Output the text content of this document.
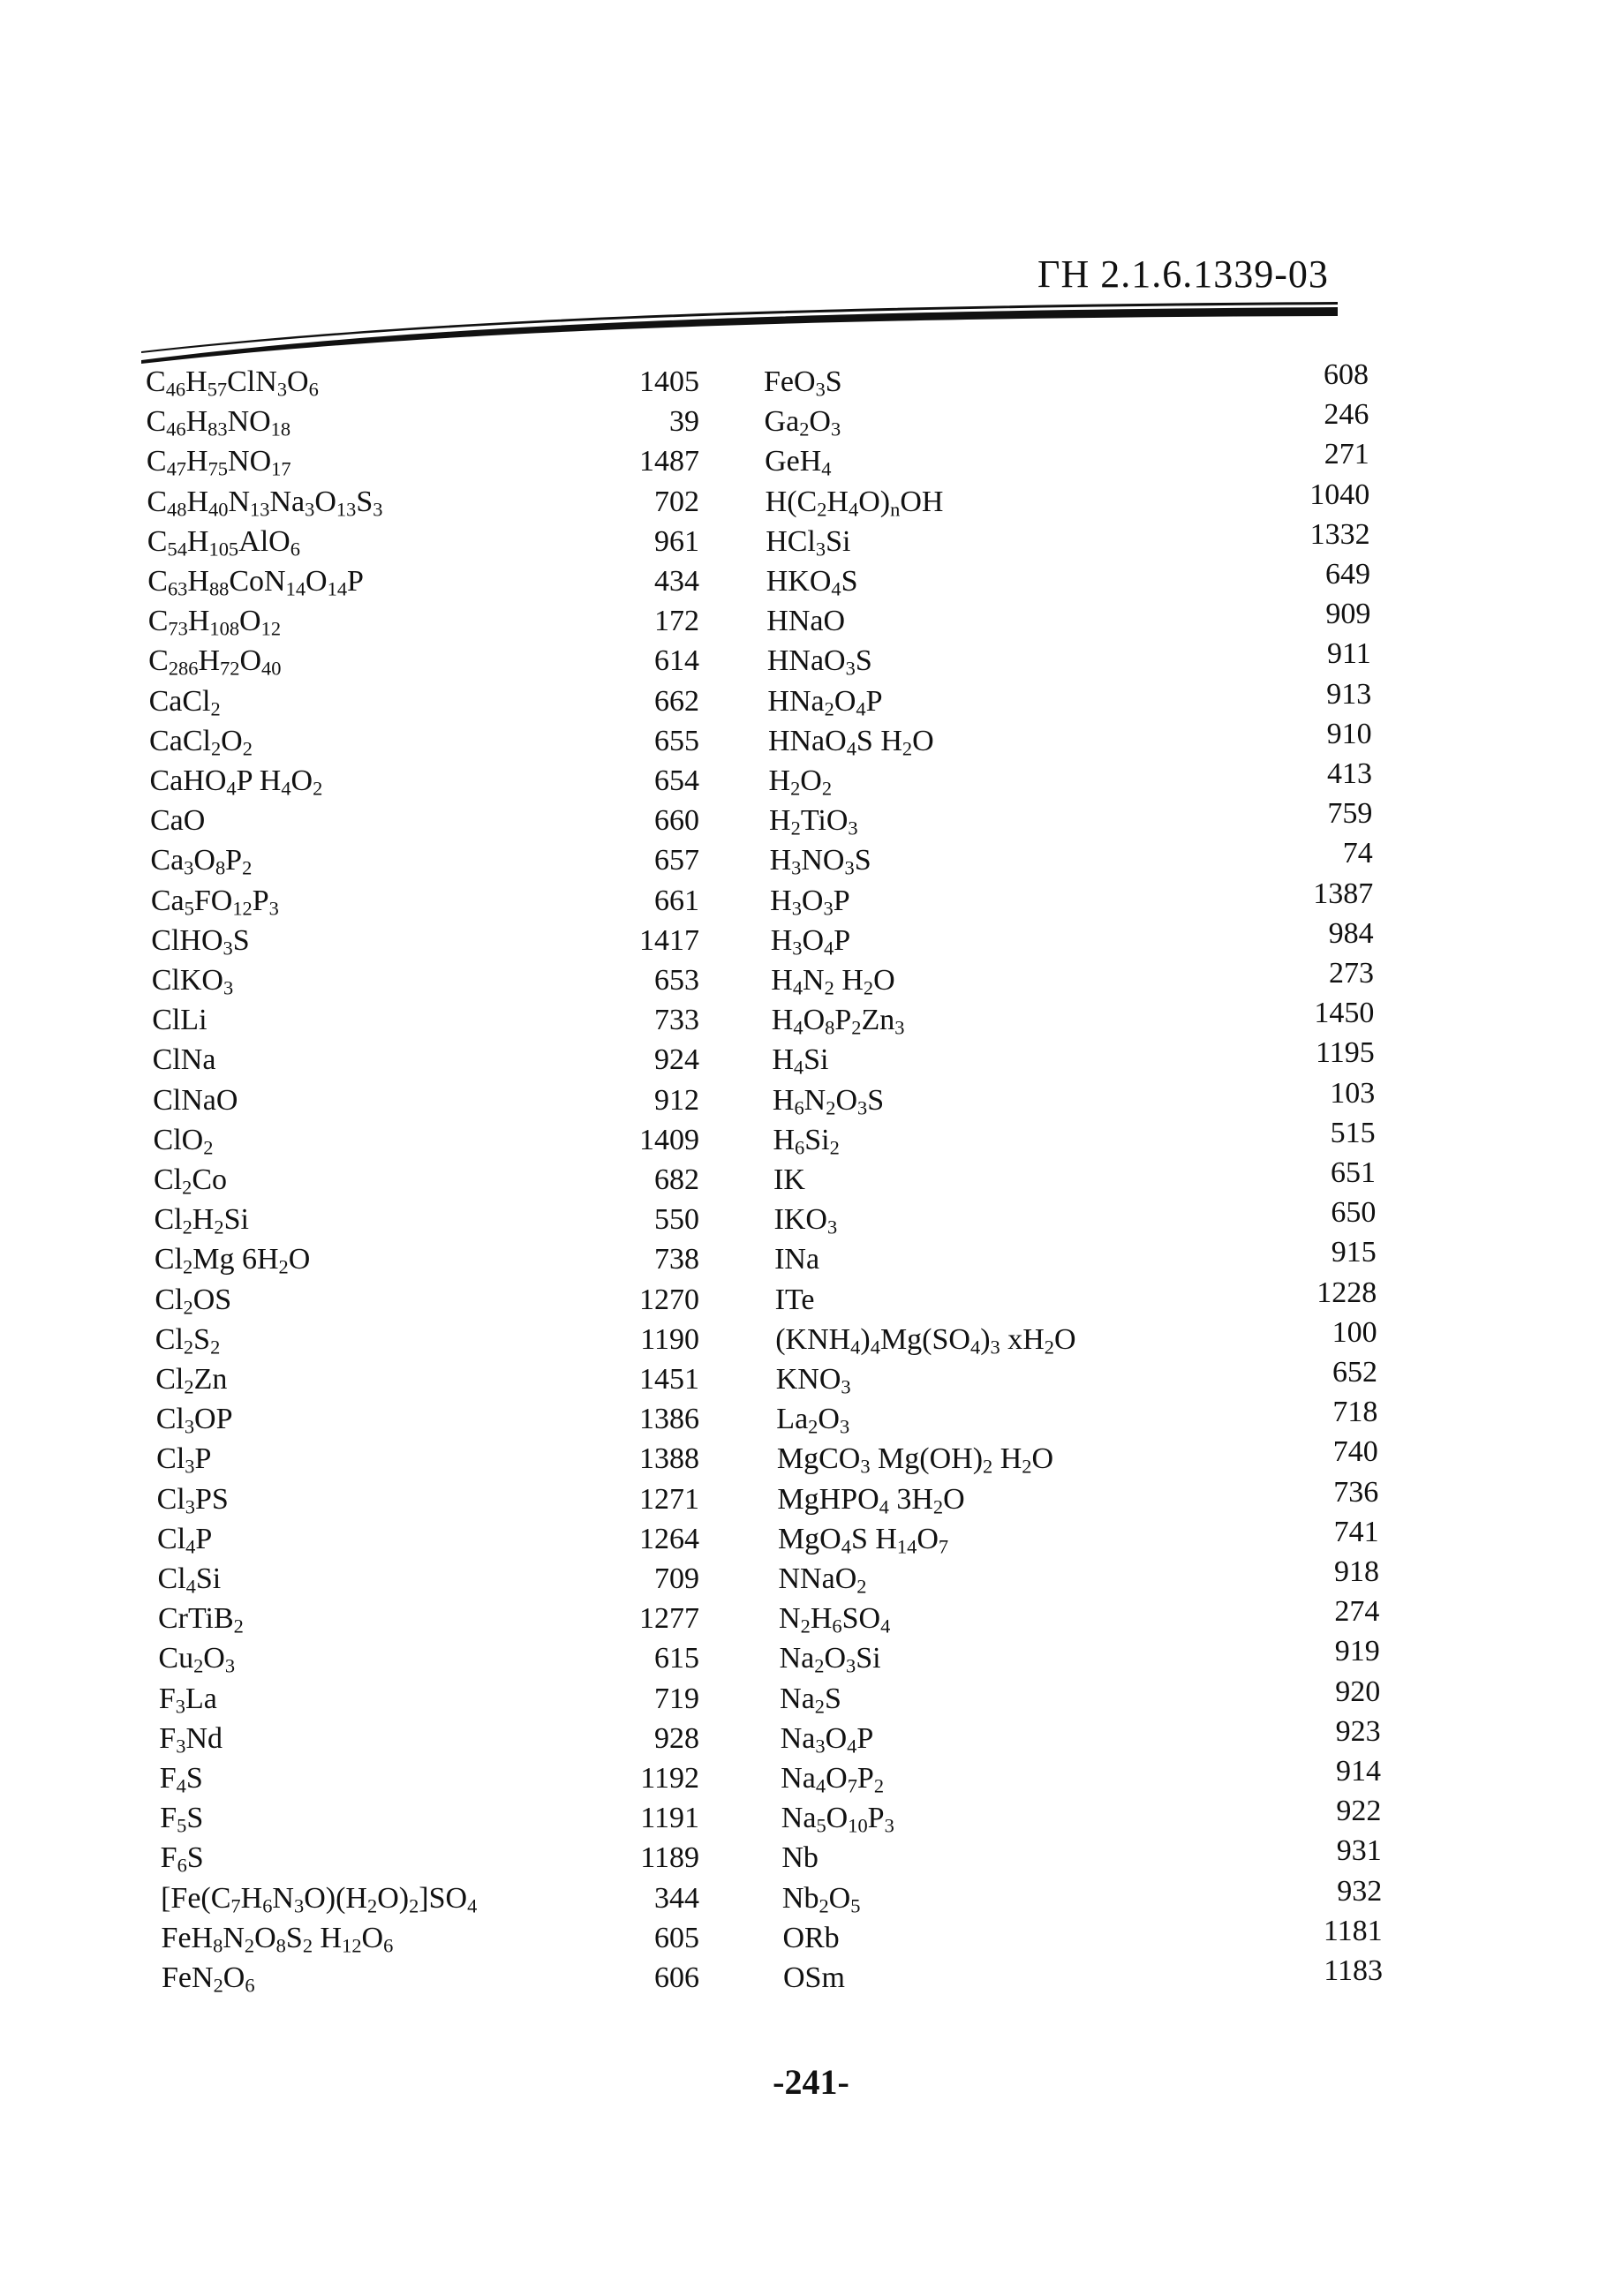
ГН 2.1.6.1339-03
$C_{46}H_{57}ClN_3O_6$	1405 FeO$_3$S	608
$C_{46}H_{83}NO_{18}$	39 $Ga_2O_3$	246
$C_{47}H_{75}NO_{17}$	1487 GeH$_4$	271
$C_{48}H_{40}N_{13}Na_3O_{13}S_3$	702 $H(C_2H_4O)_nOH$	1040
$C_{54}H_{105}AlO_6$	961 HCl$_3$Si	1332
$C_{63}H_{88}CoN_{14}O_{14}P$	434 $HKO_4S$	649
$C_{73}H_{108}O_{12}$	172 HNaO	909
$C_{286}H_{72}O_{40}$	614 HNaO$_3$S	911
CaCl$_2$	662 $HNa_2O_4P$	913
$CaCl_2O_2$	655 HNaO$_4$S $H_2O$	910
CaHO$_4$P $H_4O_2$	654 $H_2O_2$	413
CaO	660 $H_2TiO_3$	759
$Ca_3O_8P_2$	657 $H_3NO_3S$	74
$Ca_5FO_{12}P_3$	661 $H_3O_3P$	1387
ClHO$_3$S	1417 $H_3O_4P$	984
ClKO$_3$	653 $H_4N_2$ $H_2O$	273
ClLi	733 $H_4O_8P_2Zn_3$	1450
ClNa	924 $H_4Si$	1195
ClNaO	912 $H_6N_2O_3S$	103
ClO$_2$	1409 $H_6Si_2$	515
$Cl_2Co$	682 IK	651
$Cl_2H_2Si$	550 $IKO_3$	650
$Cl_2Mg$ $6H_2O$	738	INa	915
$Cl_2OS$	1270	ITe	1228
$Cl_2S_2$	1190	$(KNH_4)_4Mg(SO_4)_3$ $xH_2O$	100
$Cl_2Zn$	1451	$KNO_3$	652
$Cl_3OP$	1386	$La_2O_3$	718
$Cl_3P$	1388	MgCO$_3$ $Mg(OH)_2$ $H_2O$	740
$Cl_3PS$	1271	MgHPO$_4$ $3H_2O$	736
$Cl_4P$	1264	MgO$_4$S $H_{14}O_7$	741
$Cl_4Si$	709	NNaO$_2$	918
CrTiB$_2$	1277	$N_2H_6SO_4$	274
$Cu_2O_3$	615	$Na_2O_3Si$	919
$F_3La$	719	$Na_2S$	920
$F_3Nd$	928	$Na_3O_4P$	923
$F_4S$	1192	$Na_4O_7P_2$	914
$F_5S$	1191	$Na_5O_{10}P_3$	922
$F_6S$	1189	Nb	931
$[Fe(C_7H_6N_3O)(H_2O)_2]SO_4$	344	$Nb_2O_5$	932
$FeH_8N_2O_8S_2$ $H_{12}O_6$	605	ORb	1181
$FeN_2O_6$	606	OSm	1183
-241-
